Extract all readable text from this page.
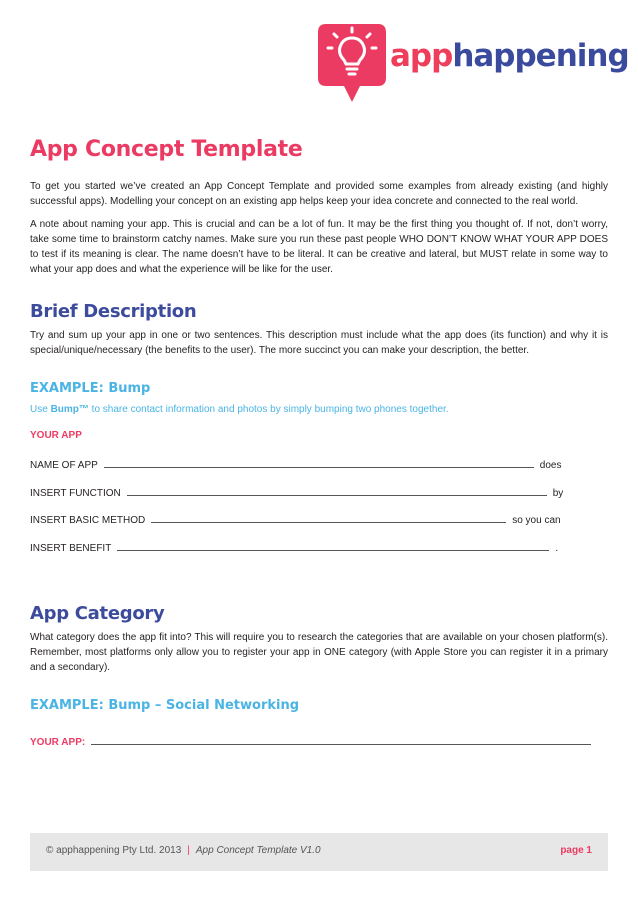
apphappening
App Concept Template
To get you started we’ve created an App Concept Template and provided some examples from already existing (and highly successful apps). Modelling your concept on an existing app helps keep your idea concrete and connected to the real world.
A note about naming your app. This is crucial and can be a lot of fun. It may be the first thing you thought of. If not, don’t worry, take some time to brainstorm catchy names. Make sure you run these past people WHO DON’T KNOW WHAT YOUR APP DOES to test if its meaning is clear. The name doesn’t have to be literal. It can be creative and lateral, but MUST relate in some way to what your app does and what the experience will be like for the user.
Brief Description
Try and sum up your app in one or two sentences. This description must include what the app does (its function) and why it is special/unique/necessary (the benefits to the user). The more succinct you can make your description, the better.
EXAMPLE: Bump
Use Bump™ to share contact information and photos by simply bumping two phones together.
YOUR APP
NAME OF APP	does
INSERT FUNCTION	by
INSERT BASIC METHOD	so you can
INSERT BENEFIT	.
App Category
What category does the app fit into? This will require you to research the categories that are available on your chosen platform(s). Remember, most platforms only allow you to register your app in ONE category (with Apple Store you can register it in a primary and a secondary).
EXAMPLE: Bump – Social Networking
YOUR APP:
© apphappening Pty Ltd. 2013 | App Concept Template V1.0	page 1
